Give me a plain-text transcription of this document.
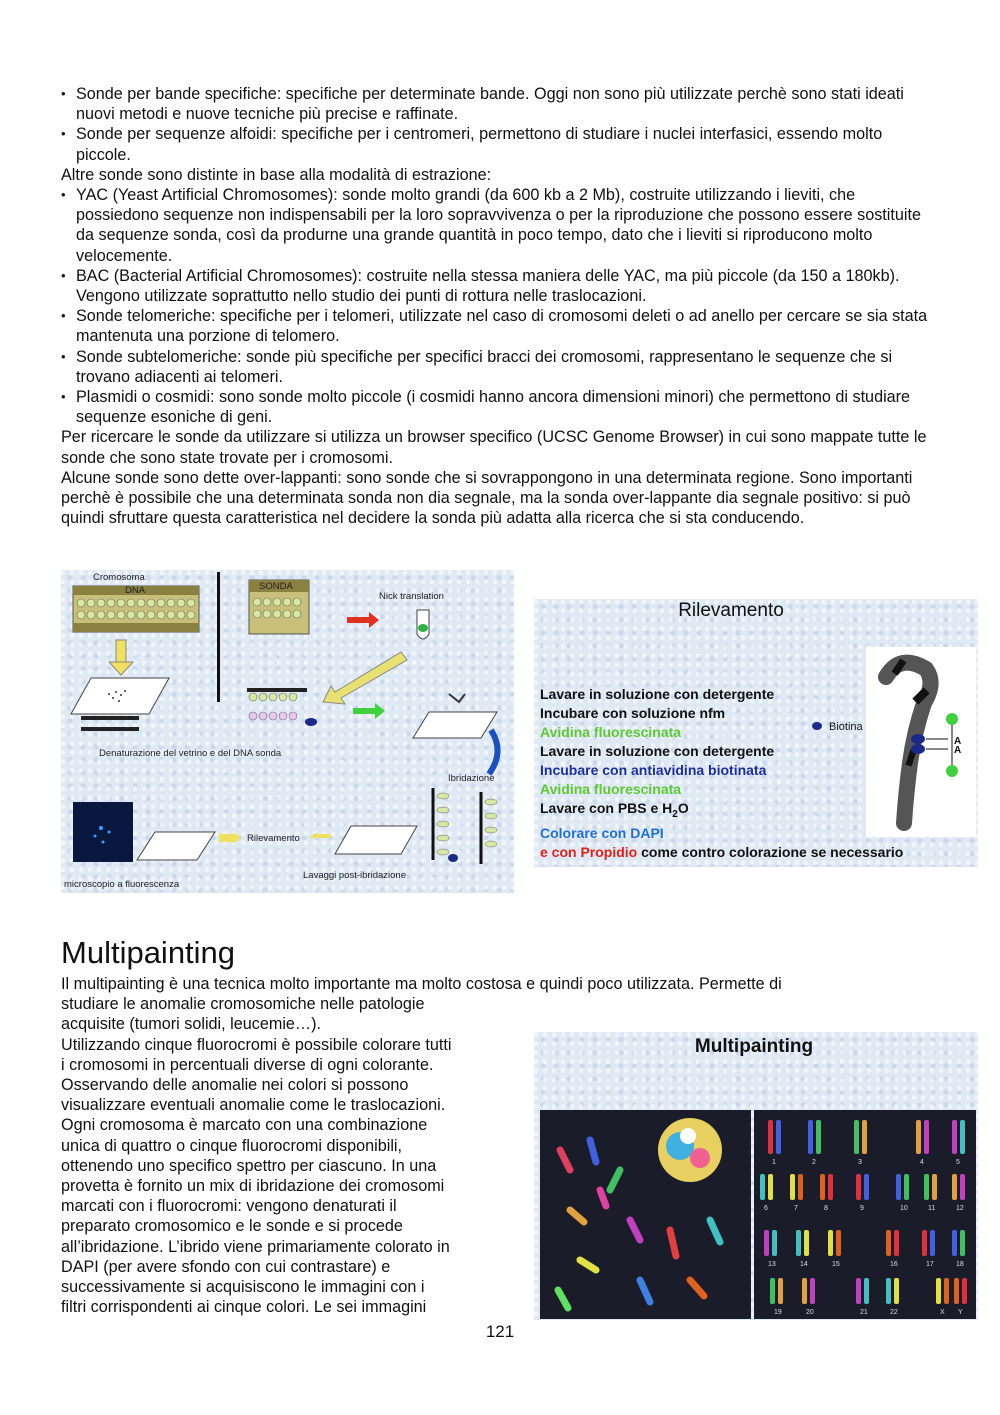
• Sonde per bande specifiche: specifiche per determinate bande. Oggi non sono più utilizzate perchè sono stati ideati nuovi metodi e nuove tecniche più precise e raffinate.

• Sonde per sequenze alfoidi: specifiche per i centromeri, permettono di studiare i nuclei interfasici, essendo molto piccole.

Altre sonde sono distinte in base alla modalità di estrazione:

• YAC (Yeast Artificial Chromosomes): sonde molto grandi (da 600 kb a 2 Mb), costruite utilizzando i lieviti, che possiedono sequenze non indispensabili per la loro sopravvivenza o per la riproduzione che possono essere sostituite da sequenze sonda, così da produrne una grande quantità in poco tempo, dato che i lieviti si riproducono molto velocemente.

• BAC (Bacterial Artificial Chromosomes): costruite nella stessa maniera delle YAC, ma più piccole (da 150 a 180kb). Vengono utilizzate soprattutto nello studio dei punti di rottura nelle traslocazioni.

• Sonde telomeriche: specifiche per i telomeri, utilizzate nel caso di cromosomi deleti o ad anello per cercare se sia stata mantenuta una porzione di telomero.

• Sonde subtelomeriche: sonde più specifiche per specifici bracci dei cromosomi, rappresentano le sequenze che si trovano adiacenti ai telomeri.

• Plasmidi o cosmidi: sono sonde molto piccole (i cosmidi hanno ancora dimensioni minori) che permettono di studiare sequenze esoniche di geni.

Per ricercare le sonde da utilizzare si utilizza un browser specifico (UCSC Genome Browser) in cui sono mappate tutte le sonde che sono state trovate per i cromosomi.

Alcune sonde sono dette over-lappanti: sono sonde che si sovrappongono in una determinata regione. Sono importanti perchè è possibile che una determinata sonda non dia segnale, ma la sonda over-lappante dia segnale positivo: si può quindi sfruttare questa caratteristica nel decidere la sonda più adatta alla ricerca che si sta conducendo.

Cromosoma
DNA	SONDA
Nick translation
Denaturazione del vetrino e del DNA sonda
Ibridazione
Rilevamento
Lavaggi post-ibridazione
microscopio a fluorescenza
Rilevamento
A
A
Biotina
Lavare in soluzione con detergente
Incubare con soluzione nfm
Avidina fluorescinata
Lavare in soluzione con detergente
Incubare con antiavidina biotinata
Avidina fluorescinata
Lavare con PBS e $H_2O$
Colorare con DAPI
e con Propidio come contro colorazione se necessario
Multipainting
Il multipainting è una tecnica molto importante ma molto costosa e quindi poco utilizzata. Permette di
studiare le anomalie cromosomiche nelle patologie
acquisite (tumori solidi, leucemie…).
Utilizzando cinque fluorocromi è possibile colorare tutti
i cromosomi in percentuali diverse di ogni colorante.
Osservando delle anomalie nei colori si possono
visualizzare eventuali anomalie come le traslocazioni.
Ogni cromosoma è marcato con una combinazione
unica di quattro o cinque fluorocromi disponibili,
ottenendo uno specifico spettro per ciascuno. In una
provetta è fornito un mix di ibridazione dei cromosomi
marcati con i fluorocromi: vengono denaturati il
preparato cromosomico e le sonde e si procede
all’ibridazione. L’ibrido viene primariamente colorato in
DAPI (per avere sfondo con cui contrastare) e
successivamente si acquisiscono le immagini con i
filtri corrispondenti ai cinque colori. Le sei immagini
Multipainting
1	2	3	4	5
6	7	8	9	10	11	12
13	14	15	16	17	18
19	20	21	22	X Y
121
